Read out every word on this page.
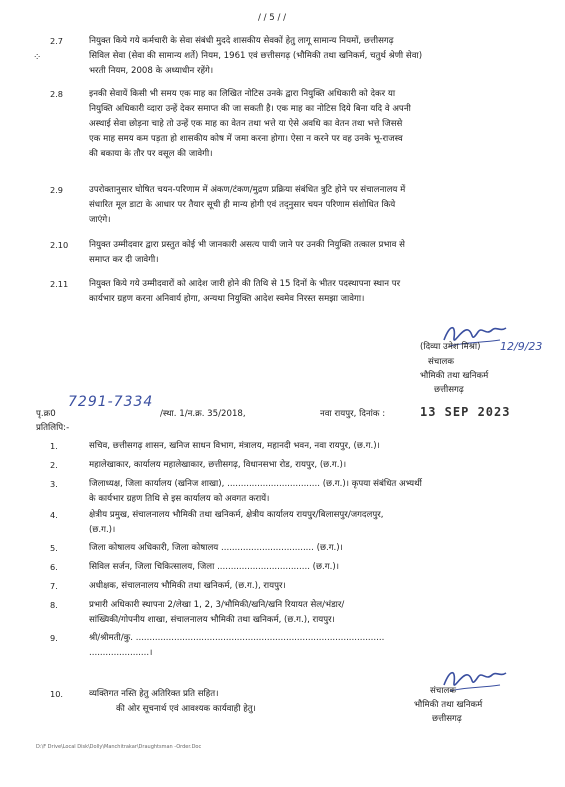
/ / 5 / /
⁘
2.7	नियुक्त किये गये कर्मचारी के सेवा संबंधी मुददे शासकीय सेवकों हेतु लागू सामान्य नियमों, छत्तीसगढ़
सिविल सेवा (सेवा की सामान्य शर्ते) नियम, 1961 एवं छत्तीसगढ़ (भौमिकी तथा खनिकर्म, चतुर्थ श्रेणी सेवा)
भरती नियम, 2008 के अध्याधीन रहेंगे।
2.8	इनकी सेवायें किसी भी समय एक माह का लिखित नोटिस उनके द्वारा नियुक्ति अधिकारी को देकर या
नियुक्ति अधिकारी व्दारा उन्हें देकर समाप्त की जा सकती है। एक माह का नोटिस दिये बिना यदि वे अपनी
अस्थाई सेवा छोड़ना चाहे तो उन्हें एक माह का वेतन तथा भत्ते या ऐसे अवधि का वेतन तथा भत्ते जिससे
एक माह समय कम पड़ता हो शासकीय कोष में जमा करना होगा। ऐसा न करने पर वह उनके भू-राजस्व
की बकाया के तौर पर वसूल की जावेगी।
2.9	उपरोक्तानुसार घोषित चयन-परिणाम में अंकण/टंकण/मुद्रण प्रक्रिया संबंधित त्रुटि होने पर संचालनालय में
संधारित मूल डाटा के आधार पर तैयार सूची ही मान्य होगी एवं तद्नुसार चयन परिणाम संशोधित किये
जाएंगे।
2.10 नियुक्त उम्मीदवार द्वारा प्रस्तुत कोई भी जानकारी असत्य पायी जाने पर उनकी नियुक्ति तत्काल प्रभाव से
समाप्त कर दी जावेगी।
2.11 नियुक्त किये गये उम्मीदवारों को आदेश जारी होने की तिथि से 15 दिनों के भीतर पदस्थापना स्थान पर
कार्यभार ग्रहण करना अनिवार्य होगा, अन्यथा नियुक्ति आदेश स्वमेव निरस्त समझा जावेगा।
(दिव्या उमेश मिश्रा) 12/9/23
संचालक
भौमिकी तथा खनिकर्म
छत्तीसगढ़
पृ.क्र0
7291-7334
/स्था. 1/न.क्र. 35/2018,	नवा रायपुर, दिनांक :	13 SEP 2023
प्रतिलिपि:-
1.	सचिव, छत्तीसगढ़ शासन, खनिज साधन विभाग, मंत्रालय, महानदी भवन, नवा रायपुर, (छ.ग.)।
2.	महालेखाकार, कार्यालय महालेखाकार, छत्तीसगढ़, विधानसभा रोड, रायपुर, (छ.ग.)।
3.	जिलाध्यक्ष, जिला कार्यालय (खनिज शाखा), .................................. (छ.ग.)। कृपया संबंधित अभ्यर्थी
के कार्यभार ग्रहण तिथि से इस कार्यालय को अवगत करायें।
4.	क्षेत्रीय प्रमुख, संचालनालय भौमिकी तथा खनिकर्म, क्षेत्रीय कार्यालय रायपुर/बिलासपुर/जगदलपुर,
(छ.ग.)।
5.	जिला कोषालय अधिकारी, जिला कोषालय .................................. (छ.ग.)।
6.	सिविल सर्जन, जिला चिकित्सालय, जिला .................................. (छ.ग.)।
7.	अधीक्षक, संचालनालय भौमिकी तथा खनिकर्म, (छ.ग.), रायपुर।
8.	प्रभारी अधिकारी स्थापना 2/लेखा 1, 2, 3/भौमिकी/खनि/खनि रियायत सेल/भंडार/
सांख्यिकी/गोपनीय शाखा, संचालनालय भौमिकी तथा खनिकर्म, (छ.ग.), रायपुर।
9.	श्री/श्रीमती/कु. ...........................................................................................
......................।
10.	व्यक्तिगत नस्ति हेतु अतिरिक्त प्रति सहित।
की ओर सूचनार्थ एवं आवश्यक कार्यवाही हेतु।
संचालक
भौमिकी तथा खनिकर्म
छत्तीसगढ़
D:\F Drive\Local Disk\Dolly\Manchitrakar\Draughtsman -Order.Doc
